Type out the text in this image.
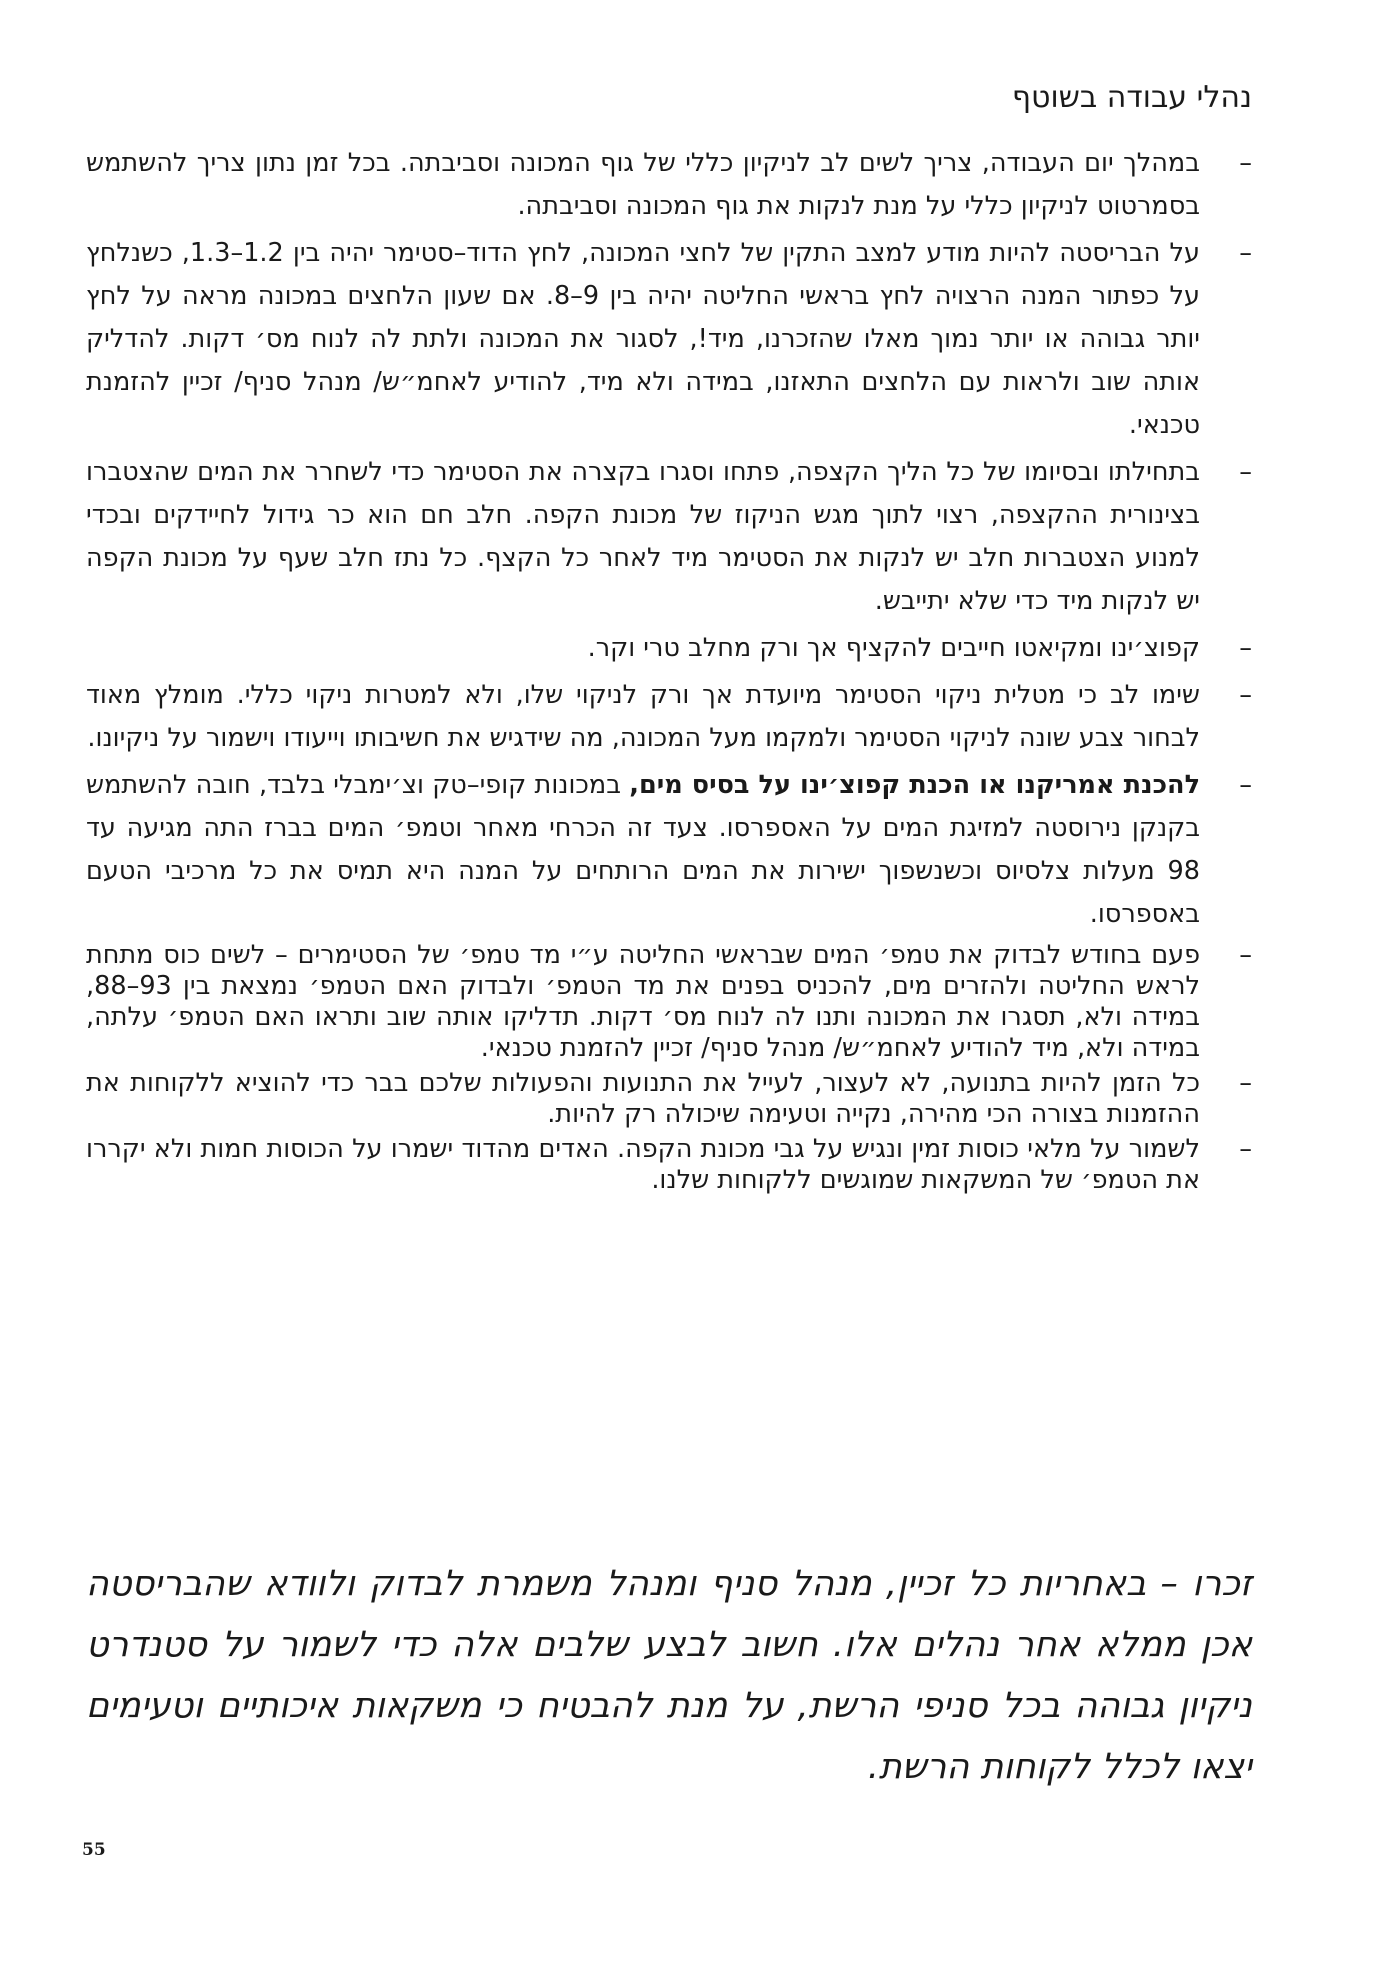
נהלי עבודה בשוטף
–
במהלך יום העבודה, צריך לשים לב לניקיון כללי של גוף המכונה וסביבתה. בכל זמן נתון צריך להשתמש בסמרטוט לניקיון כללי על מנת לנקות את גוף המכונה וסביבתה.
–
על הבריסטה להיות מודע למצב התקין של לחצי המכונה, לחץ הדוד–סטימר יהיה בין 1.2–1.3, כשנלחץ על כפתור המנה הרצויה לחץ בראשי החליטה יהיה בין 9–8. אם שעון הלחצים במכונה מראה על לחץ יותר גבוהה או יותר נמוך מאלו שהזכרנו, מיד!, לסגור את המכונה ולתת לה לנוח מס׳ דקות. להדליק אותה שוב ולראות עם הלחצים התאזנו, במידה ולא מיד, להודיע לאחמ״ש/ מנהל סניף/ זכיין להזמנת טכנאי.
–
בתחילתו ובסיומו של כל הליך הקצפה, פתחו וסגרו בקצרה את הסטימר כדי לשחרר את המים שהצטברו בצינורית ההקצפה, רצוי לתוך מגש הניקוז של מכונת הקפה. חלב חם הוא כר גידול לחיידקים ובכדי למנוע הצטברות חלב יש לנקות את הסטימר מיד לאחר כל הקצף. כל נתז חלב שעף על מכונת הקפה יש לנקות מיד כדי שלא יתייבש.
–
קפוצ׳ינו ומקיאטו חייבים להקציף אך ורק מחלב טרי וקר.
–
שימו לב כי מטלית ניקוי הסטימר מיועדת אך ורק לניקוי שלו, ולא למטרות ניקוי כללי. מומלץ מאוד לבחור צבע שונה לניקוי הסטימר ולמקמו מעל המכונה, מה שידגיש את חשיבותו וייעודו וישמור על ניקיונו.
–
להכנת אמריקנו או הכנת קפוצ׳ינו על בסיס מים, במכונות קופי–טק וצ׳ימבלי בלבד, חובה להשתמש בקנקן נירוסטה למזיגת המים על האספרסו. צעד זה הכרחי מאחר וטמפ׳ המים בברז התה מגיעה עד 98 מעלות צלסיוס וכשנשפוך ישירות את המים הרותחים על המנה היא תמיס את כל מרכיבי הטעם באספרסו.
–
פעם בחודש לבדוק את טמפ׳ המים שבראשי החליטה ע״י מד טמפ׳ של הסטימרים – לשים כוס מתחת לראש החליטה ולהזרים מים, להכניס בפנים את מד הטמפ׳ ולבדוק האם הטמפ׳ נמצאת בין 93–88, במידה ולא, תסגרו את המכונה ותנו לה לנוח מס׳ דקות. תדליקו אותה שוב ותראו האם הטמפ׳ עלתה, במידה ולא, מיד להודיע לאחמ״ש/ מנהל סניף/ זכיין להזמנת טכנאי.
–
כל הזמן להיות בתנועה, לא לעצור, לעייל את התנועות והפעולות שלכם בבר כדי להוציא ללקוחות את ההזמנות בצורה הכי מהירה, נקייה וטעימה שיכולה רק להיות.
–
לשמור על מלאי כוסות זמין ונגיש על גבי מכונת הקפה. האדים מהדוד ישמרו על הכוסות חמות ולא יקררו את הטמפ׳ של המשקאות שמוגשים ללקוחות שלנו.

זכרו – באחריות כל זכיין, מנהל סניף ומנהל משמרת לבדוק ולוודא שהבריסטה אכן ממלא אחר נהלים אלו. חשוב לבצע שלבים אלה כדי לשמור על סטנדרט ניקיון גבוהה בכל סניפי הרשת, על מנת להבטיח כי משקאות איכותיים וטעימים יצאו לכלל לקוחות הרשת.

55
